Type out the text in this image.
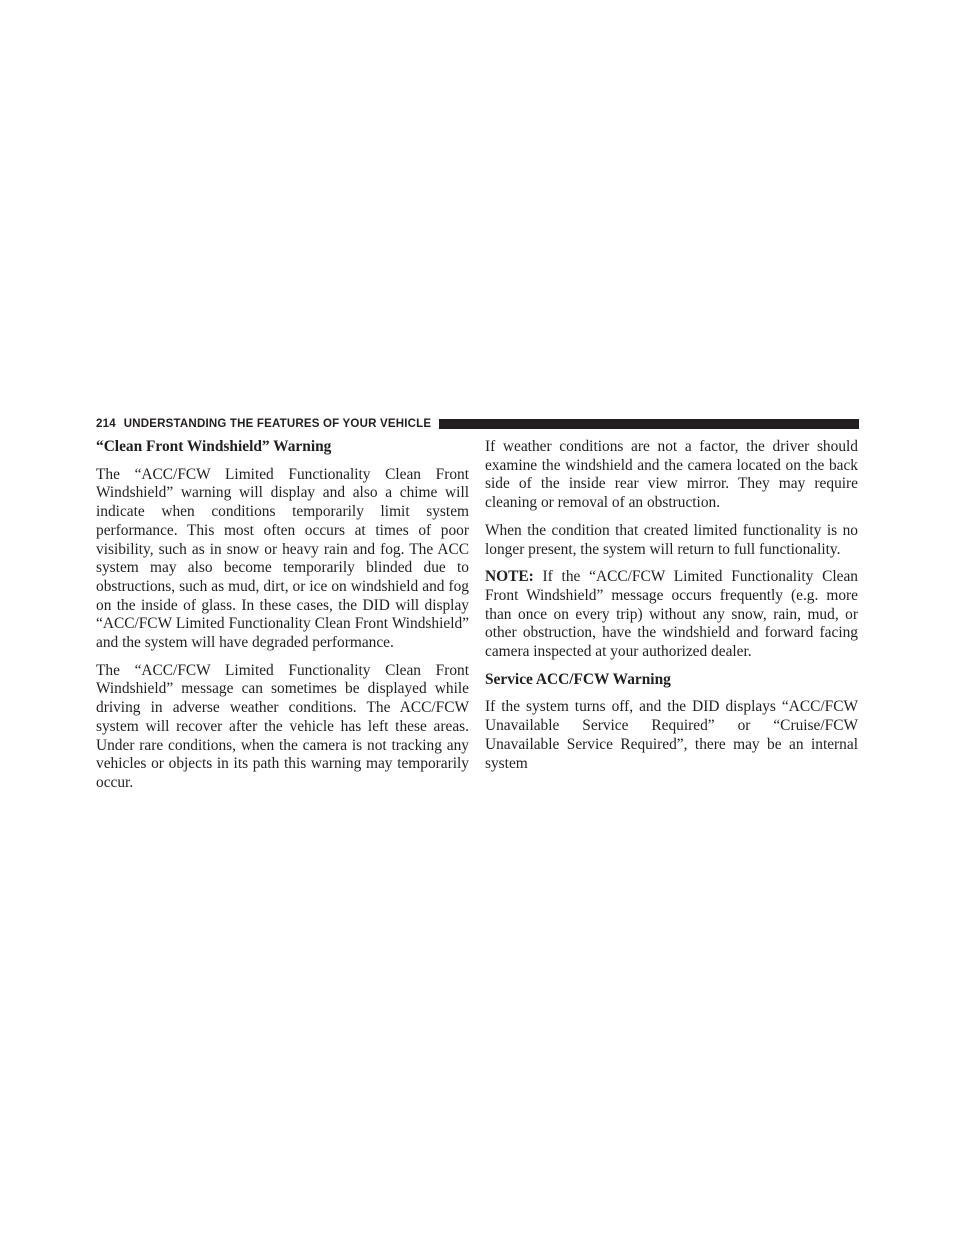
214 UNDERSTANDING THE FEATURES OF YOUR VEHICLE
“Clean Front Windshield” Warning

The “ACC/FCW Limited Functionality Clean Front Windshield” warning will display and also a chime will indicate when conditions temporarily limit system performance. This most often occurs at times of poor visibility, such as in snow or heavy rain and fog. The ACC system may also become temporarily blinded due to obstructions, such as mud, dirt, or ice on windshield and fog on the inside of glass. In these cases, the DID will display “ACC/FCW Limited Functionality Clean Front Windshield” and the system will have degraded performance.

The “ACC/FCW Limited Functionality Clean Front Windshield” message can sometimes be displayed while driving in adverse weather conditions. The ACC/FCW system will recover after the vehicle has left these areas. Under rare conditions, when the camera is not tracking any vehicles or objects in its path this warning may temporarily occur.

If weather conditions are not a factor, the driver should examine the windshield and the camera located on the back side of the inside rear view mirror. They may require cleaning or removal of an obstruction.

When the condition that created limited functionality is no longer present, the system will return to full functionality.

NOTE: If the “ACC/FCW Limited Functionality Clean Front Windshield” message occurs frequently (e.g. more than once on every trip) without any snow, rain, mud, or other obstruction, have the windshield and forward facing camera inspected at your authorized dealer.

Service ACC/FCW Warning

If the system turns off, and the DID displays “ACC/FCW Unavailable Service Required” or “Cruise/FCW Unavailable Service Required”, there may be an internal system
